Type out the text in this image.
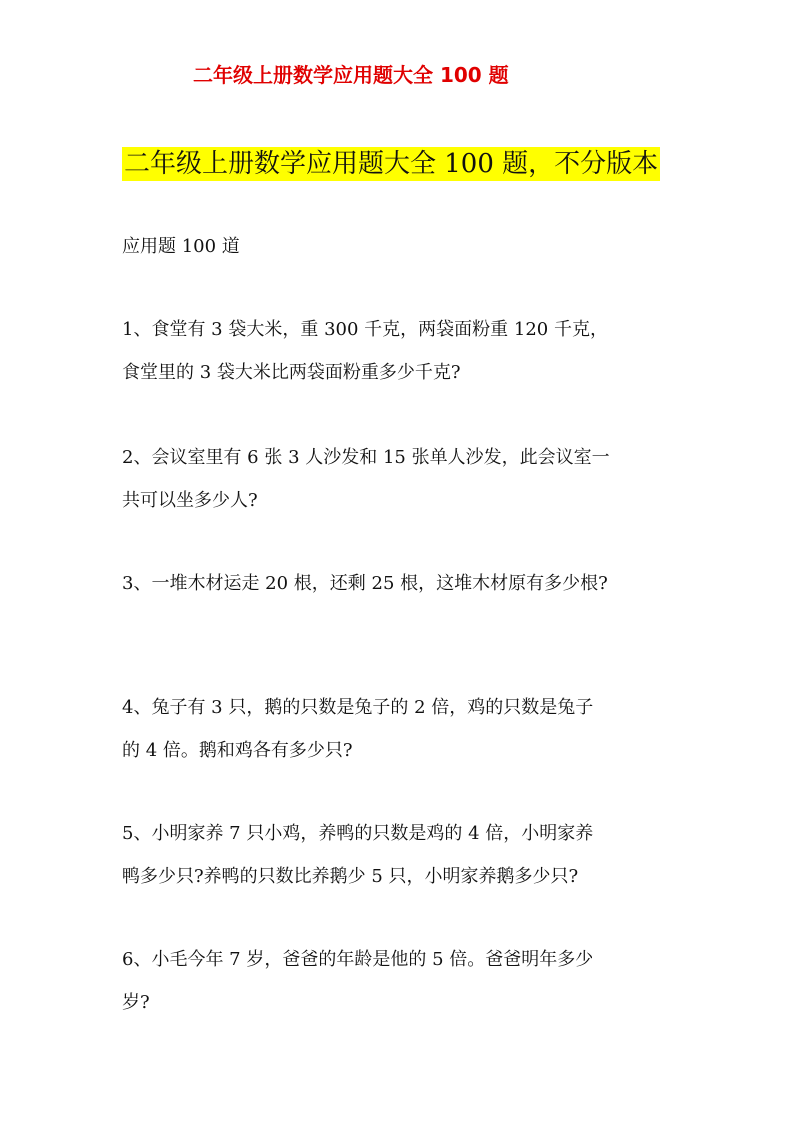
二年级上册数学应用题大全 100 题
二年级上册数学应用题大全 100 题，不分版本
应用题 100 道
1、食堂有 3 袋大米，重 300 千克，两袋面粉重 120 千克，
食堂里的 3 袋大米比两袋面粉重多少千克?
2、会议室里有 6 张 3 人沙发和 15 张单人沙发，此会议室一
共可以坐多少人?
3、一堆木材运走 20 根，还剩 25 根，这堆木材原有多少根?
4、兔子有 3 只，鹅的只数是兔子的 2 倍，鸡的只数是兔子
的 4 倍。鹅和鸡各有多少只?
5、小明家养 7 只小鸡，养鸭的只数是鸡的 4 倍，小明家养
鸭多少只?养鸭的只数比养鹅少 5 只，小明家养鹅多少只?
6、小毛今年 7 岁，爸爸的年龄是他的 5 倍。爸爸明年多少
岁?
